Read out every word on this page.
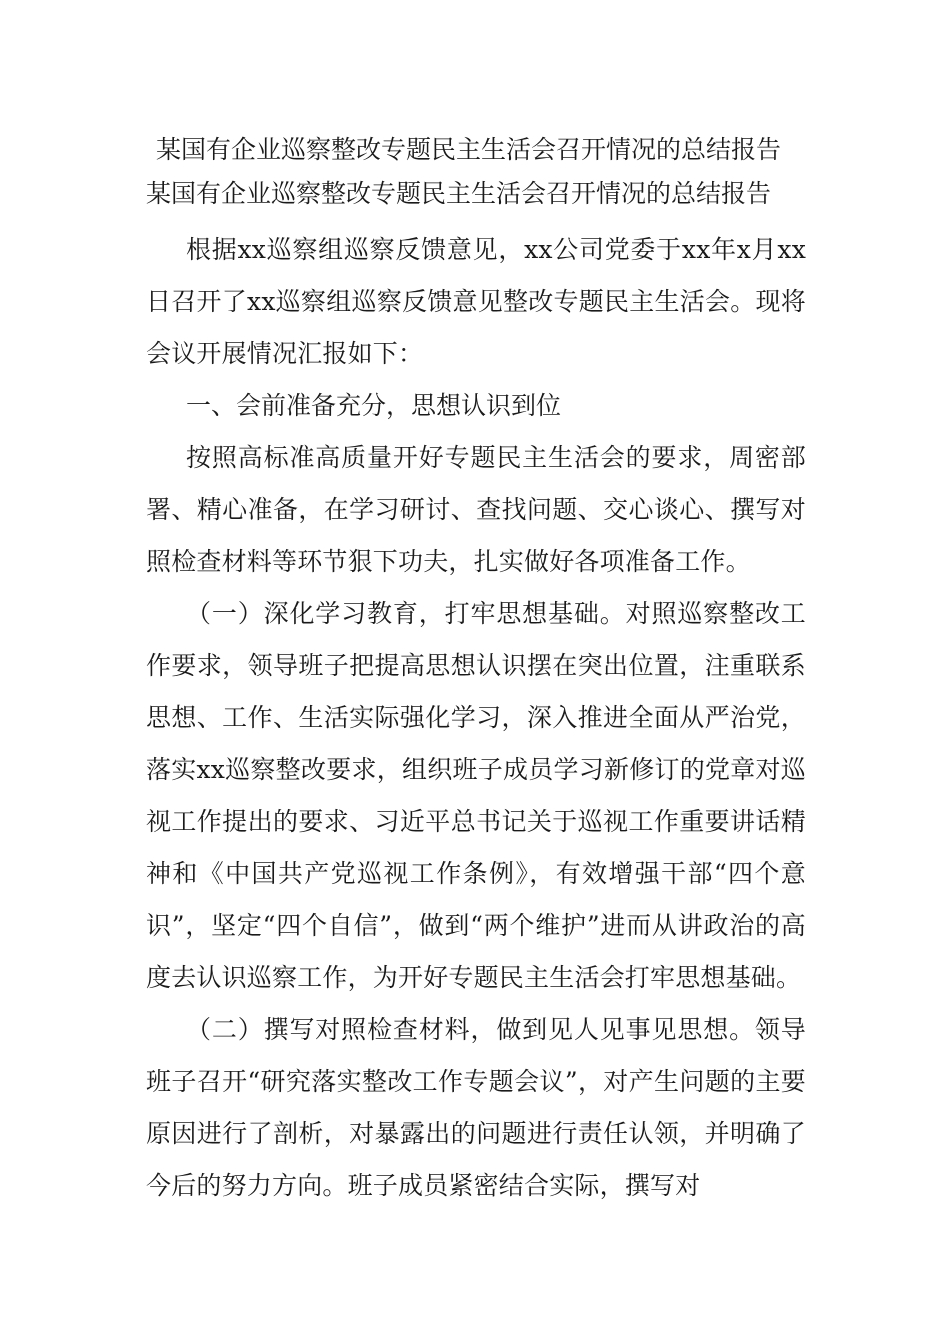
某国有企业巡察整改专题民主生活会召开情况的总结报告

某国有企业巡察整改专题民主生活会召开情况的总结报告

根据xx巡察组巡察反馈意见，xx公司党委于xx年x月xx日召开了xx巡察组巡察反馈意见整改专题民主生活会。现将会议开展情况汇报如下：

一、会前准备充分，思想认识到位

按照高标准高质量开好专题民主生活会的要求，周密部署、精心准备，在学习研讨、查找问题、交心谈心、撰写对照检查材料等环节狠下功夫，扎实做好各项准备工作。

（一）深化学习教育，打牢思想基础。对照巡察整改工作要求，领导班子把提高思想认识摆在突出位置，注重联系思想、工作、生活实际强化学习，深入推进全面从严治党，落实xx巡察整改要求，组织班子成员学习新修订的党章对巡视工作提出的要求、习近平总书记关于巡视工作重要讲话精神和《中国共产党巡视工作条例》，有效增强干部“四个意识”，坚定“四个自信”，做到“两个维护”进而从讲政治的高度去认识巡察工作，为开好专题民主生活会打牢思想基础。

（二）撰写对照检查材料，做到见人见事见思想。领导班子召开“研究落实整改工作专题会议”，对产生问题的主要原因进行了剖析，对暴露出的问题进行责任认领，并明确了今后的努力方向。班子成员紧密结合实际，撰写对
